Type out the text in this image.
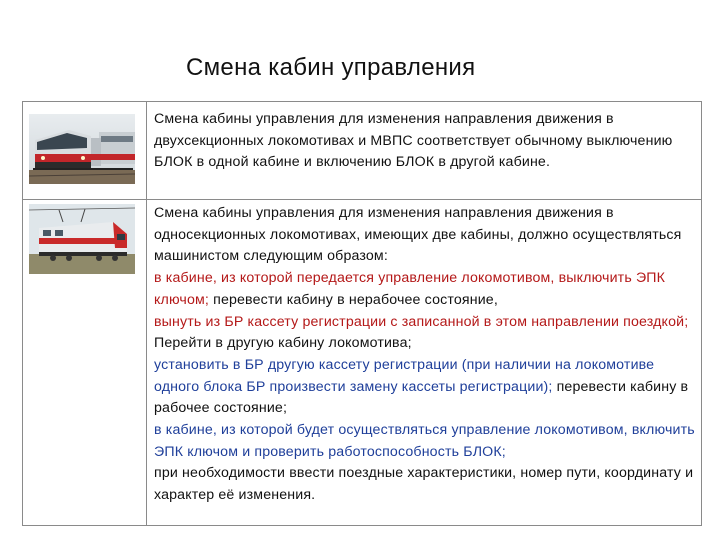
Смена кабин управления

Смена кабины управления для изменения направления движения в двухсекционных локомотивах и МВПС соответствует обычному выключению БЛОК в одной кабине и включению БЛОК в другой кабине.

Смена кабины управления для изменения направления движения в односекционных локомотивах, имеющих две кабины, должно осуществляться машинистом следующим образом:

в кабине, из которой передается управление локомотивом, выключить ЭПК ключом; перевести кабину в нерабочее состояние,

вынуть из БР кассету регистрации с записанной в этом направлении поездкой;

Перейти в другую кабину локомотива;

установить в БР другую кассету регистрации (при наличии на локомотиве одного блока БР произвести замену кассеты регистрации); перевести кабину в рабочее состояние;

в кабине, из которой будет осуществляться управление локомотивом, включить ЭПК ключом и проверить работоспособность БЛОК;

при необходимости ввести поездные характеристики, номер пути, координату и характер её изменения.
